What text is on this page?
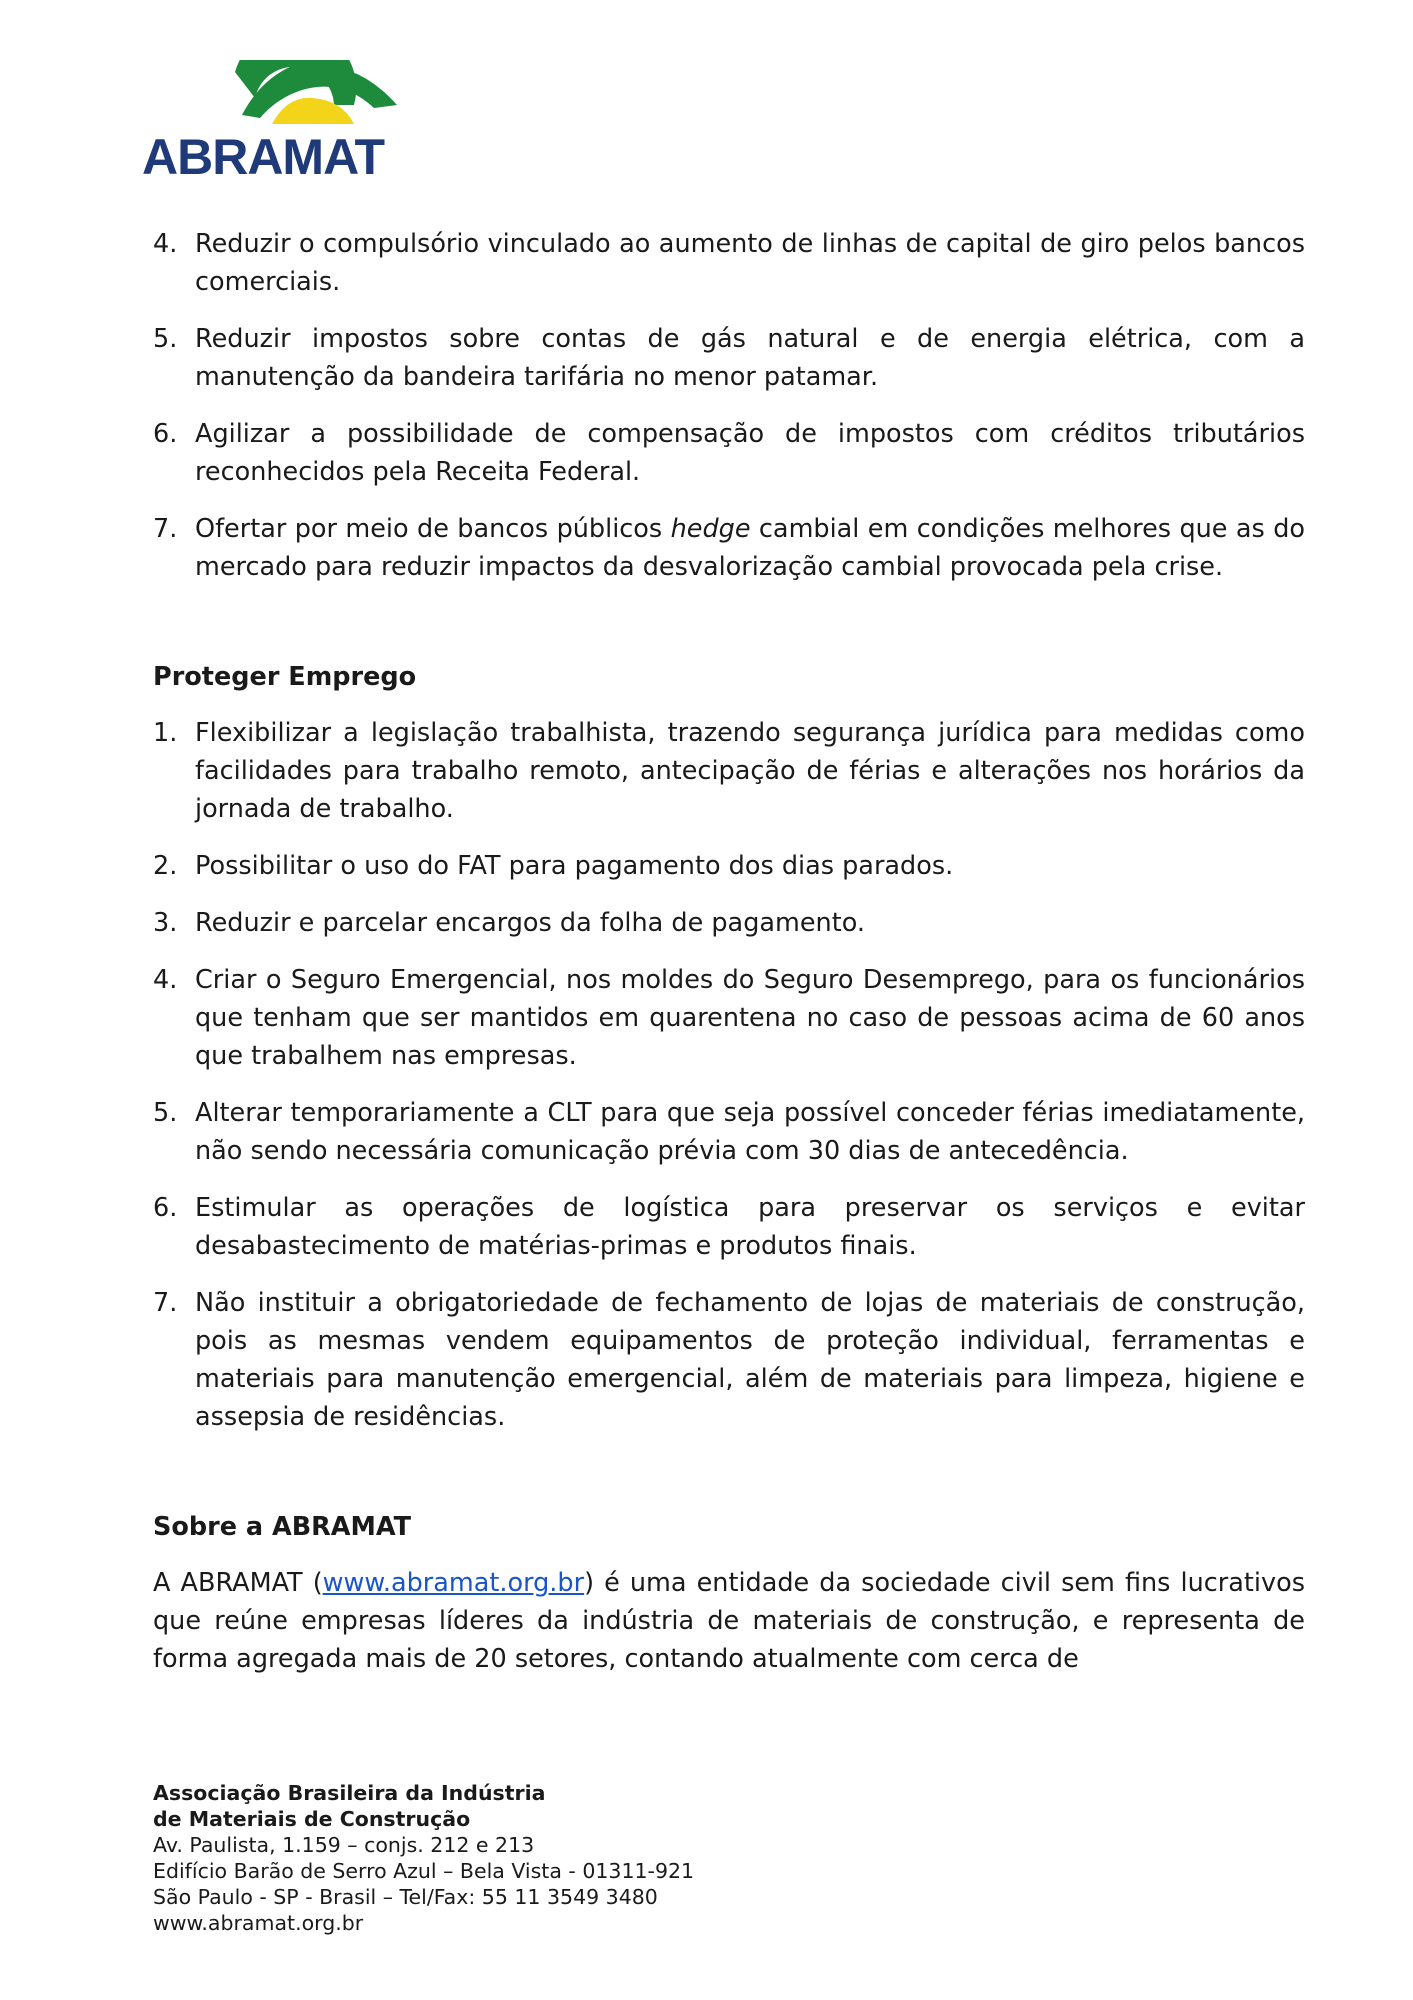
ABRAMAT
4. Reduzir o compulsório vinculado ao aumento de linhas de capital de giro pelos bancos comerciais.
5. Reduzir impostos sobre contas de gás natural e de energia elétrica, com a manutenção da bandeira tarifária no menor patamar.
6. Agilizar a possibilidade de compensação de impostos com créditos tributários reconhecidos pela Receita Federal.
7. Ofertar por meio de bancos públicos hedge cambial em condições melhores que as do mercado para reduzir impactos da desvalorização cambial provocada pela crise.
Proteger Emprego
1. Flexibilizar a legislação trabalhista, trazendo segurança jurídica para medidas como facilidades para trabalho remoto, antecipação de férias e alterações nos horários da jornada de trabalho.
2. Possibilitar o uso do FAT para pagamento dos dias parados.
3. Reduzir e parcelar encargos da folha de pagamento.
4. Criar o Seguro Emergencial, nos moldes do Seguro Desemprego, para os funcionários que tenham que ser mantidos em quarentena no caso de pessoas acima de 60 anos que trabalhem nas empresas.
5. Alterar temporariamente a CLT para que seja possível conceder férias imediatamente, não sendo necessária comunicação prévia com 30 dias de antecedência.
6. Estimular as operações de logística para preservar os serviços e evitar desabastecimento de matérias-primas e produtos finais.
7. Não instituir a obrigatoriedade de fechamento de lojas de materiais de construção, pois as mesmas vendem equipamentos de proteção individual, ferramentas e materiais para manutenção emergencial, além de materiais para limpeza, higiene e assepsia de residências.
Sobre a ABRAMAT

A ABRAMAT (www.abramat.org.br) é uma entidade da sociedade civil sem fins lucrativos que reúne empresas líderes da indústria de materiais de construção, e representa de forma agregada mais de 20 setores, contando atualmente com cerca de

Associação Brasileira da Indústria
de Materiais de Construção
Av. Paulista, 1.159 – conjs. 212 e 213
Edifício Barão de Serro Azul – Bela Vista - 01311-921
São Paulo - SP - Brasil – Tel/Fax: 55 11 3549 3480
www.abramat.org.br
